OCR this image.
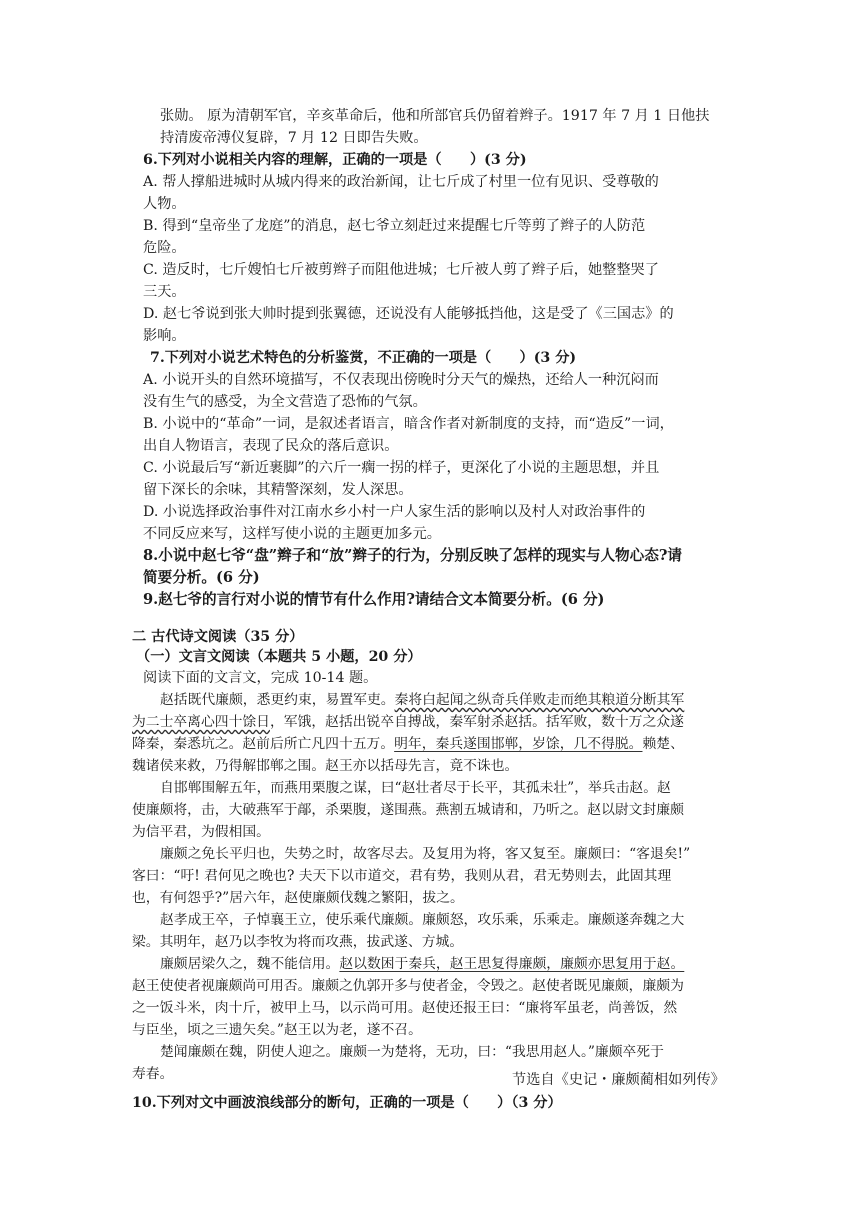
张勋。 原为清朝军官，辛亥革命后，他和所部官兵仍留着辫子。1917 年 7 月 1 日他扶
持清废帝溥仪复辟，7 月 12 日即告失败。
6.下列对小说相关内容的理解，正确的一项是（　　）(3 分)
A. 帮人撑船进城时从城内得来的政治新闻，让七斤成了村里一位有见识、受尊敬的
人物。
B. 得到“皇帝坐了龙庭”的消息，赵七爷立刻赶过来提醒七斤等剪了辫子的人防范
危险。
C. 造反时，七斤嫂怕七斤被剪辫子而阻他进城；七斤被人剪了辫子后，她整整哭了
三天。
D. 赵七爷说到张大帅时提到张翼德，还说没有人能够抵挡他，这是受了《三国志》的
影响。
7.下列对小说艺术特色的分析鉴赏，不正确的一项是（　　）(3 分)
A. 小说开头的自然环境描写，不仅表现出傍晚时分天气的燥热，还给人一种沉闷而
没有生气的感受，为全文营造了恐怖的气氛。
B. 小说中的“革命”一词，是叙述者语言，暗含作者对新制度的支持，而“造反”一词，
出自人物语言，表现了民众的落后意识。
C. 小说最后写“新近裹脚”的六斤一瘸一拐的样子，更深化了小说的主题思想，并且
留下深长的余味，其精警深刻，发人深思。
D. 小说选择政治事件对江南水乡小村一户人家生活的影响以及村人对政治事件的
不同反应来写，这样写使小说的主题更加多元。
8.小说中赵七爷“盘”辫子和“放”辫子的行为，分别反映了怎样的现实与人物心态?请
简要分析。(6 分)
9.赵七爷的言行对小说的情节有什么作用?请结合文本简要分析。(6 分)
二 古代诗文阅读（35 分）
（一）文言文阅读（本题共 5 小题，20 分）
阅读下面的文言文，完成 10-14 题。
赵括既代廉颇，悉更约束，易置军吏。秦将白起闻之纵奇兵佯败走而绝其粮道分断其军
为二士卒离心四十馀日，军饿，赵括出锐卒自搏战，秦军射杀赵括。括军败，数十万之众遂
降秦，秦悉坑之。赵前后所亡凡四十五万。明年，秦兵遂围邯郸，岁馀，几不得脱。赖楚、
魏诸侯来救，乃得解邯郸之围。赵王亦以括母先言，竟不诛也。
自邯郸围解五年，而燕用栗腹之谋，曰“赵壮者尽于长平，其孤未壮”，举兵击赵。赵
使廉颇将，击，大破燕军于鄗，杀栗腹，遂围燕。燕割五城请和，乃听之。赵以尉文封廉颇
为信平君，为假相国。
廉颇之免长平归也，失势之时，故客尽去。及复用为将，客又复至。廉颇曰：“客退矣!”
客曰：“吁! 君何见之晚也? 夫天下以市道交，君有势，我则从君，君无势则去，此固其理
也，有何怨乎?”居六年，赵使廉颇伐魏之繁阳，拔之。
赵孝成王卒，子悼襄王立，使乐乘代廉颇。廉颇怒，攻乐乘，乐乘走。廉颇遂奔魏之大
梁。其明年，赵乃以李牧为将而攻燕，拔武遂、方城。
廉颇居梁久之，魏不能信用。赵以数困于秦兵，赵王思复得廉颇，廉颇亦思复用于赵。
赵王使使者视廉颇尚可用否。廉颇之仇郭开多与使者金，令毁之。赵使者既见廉颇，廉颇为
之一饭斗米，肉十斤，被甲上马，以示尚可用。赵使还报王曰：“廉将军虽老，尚善饭，然
与臣坐，顷之三遗矢矣。”赵王以为老，遂不召。
楚闻廉颇在魏，阴使人迎之。廉颇一为楚将，无功，曰：“我思用赵人。”廉颇卒死于
寿春。	节选自《史记・廉颇蔺相如列传》
10.下列对文中画波浪线部分的断句，正确的一项是（　　）（3 分）
